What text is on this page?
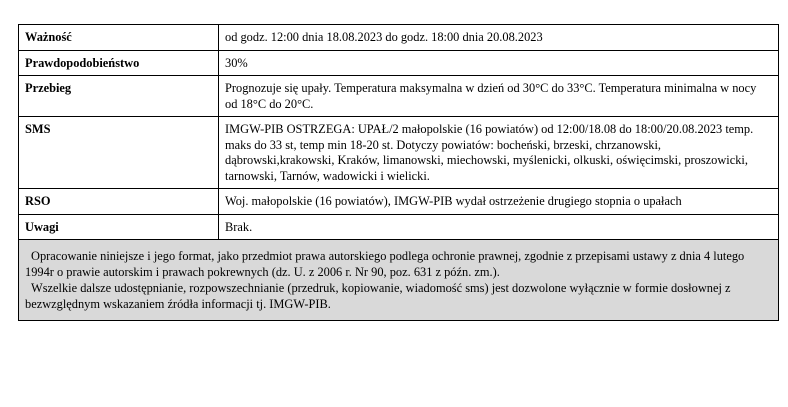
Ważność	od godz. 12:00 dnia 18.08.2023 do godz. 18:00 dnia 20.08.2023
Prawdopodobieństwo	30%
Przebieg	Prognozuje się upały. Temperatura maksymalna w dzień od 30°C do 33°C. Temperatura minimalna w nocy od 18°C do 20°C.
SMS	IMGW-PIB OSTRZEGA: UPAŁ/2 małopolskie (16 powiatów) od 12:00/18.08 do 18:00/20.08.2023 temp. maks do 33 st, temp min 18-20 st. Dotyczy powiatów: bocheński, brzeski, chrzanowski, dąbrowski,krakowski, Kraków, limanowski, miechowski, myślenicki, olkuski, oświęcimski, proszowicki, tarnowski, Tarnów, wadowicki i wielicki.
RSO	Woj. małopolskie (16 powiatów), IMGW-PIB wydał ostrzeżenie drugiego stopnia o upałach
Uwagi	Brak.

Opracowanie niniejsze i jego format, jako przedmiot prawa autorskiego podlega ochronie prawnej, zgodnie z przepisami ustawy z dnia 4 lutego 1994r o prawie autorskim i prawach pokrewnych (dz. U. z 2006 r. Nr 90, poz. 631 z późn. zm.).
Wszelkie dalsze udostępnianie, rozpowszechnianie (przedruk, kopiowanie, wiadomość sms) jest dozwolone wyłącznie w formie dosłownej z bezwzględnym wskazaniem źródła informacji tj. IMGW-PIB.	
